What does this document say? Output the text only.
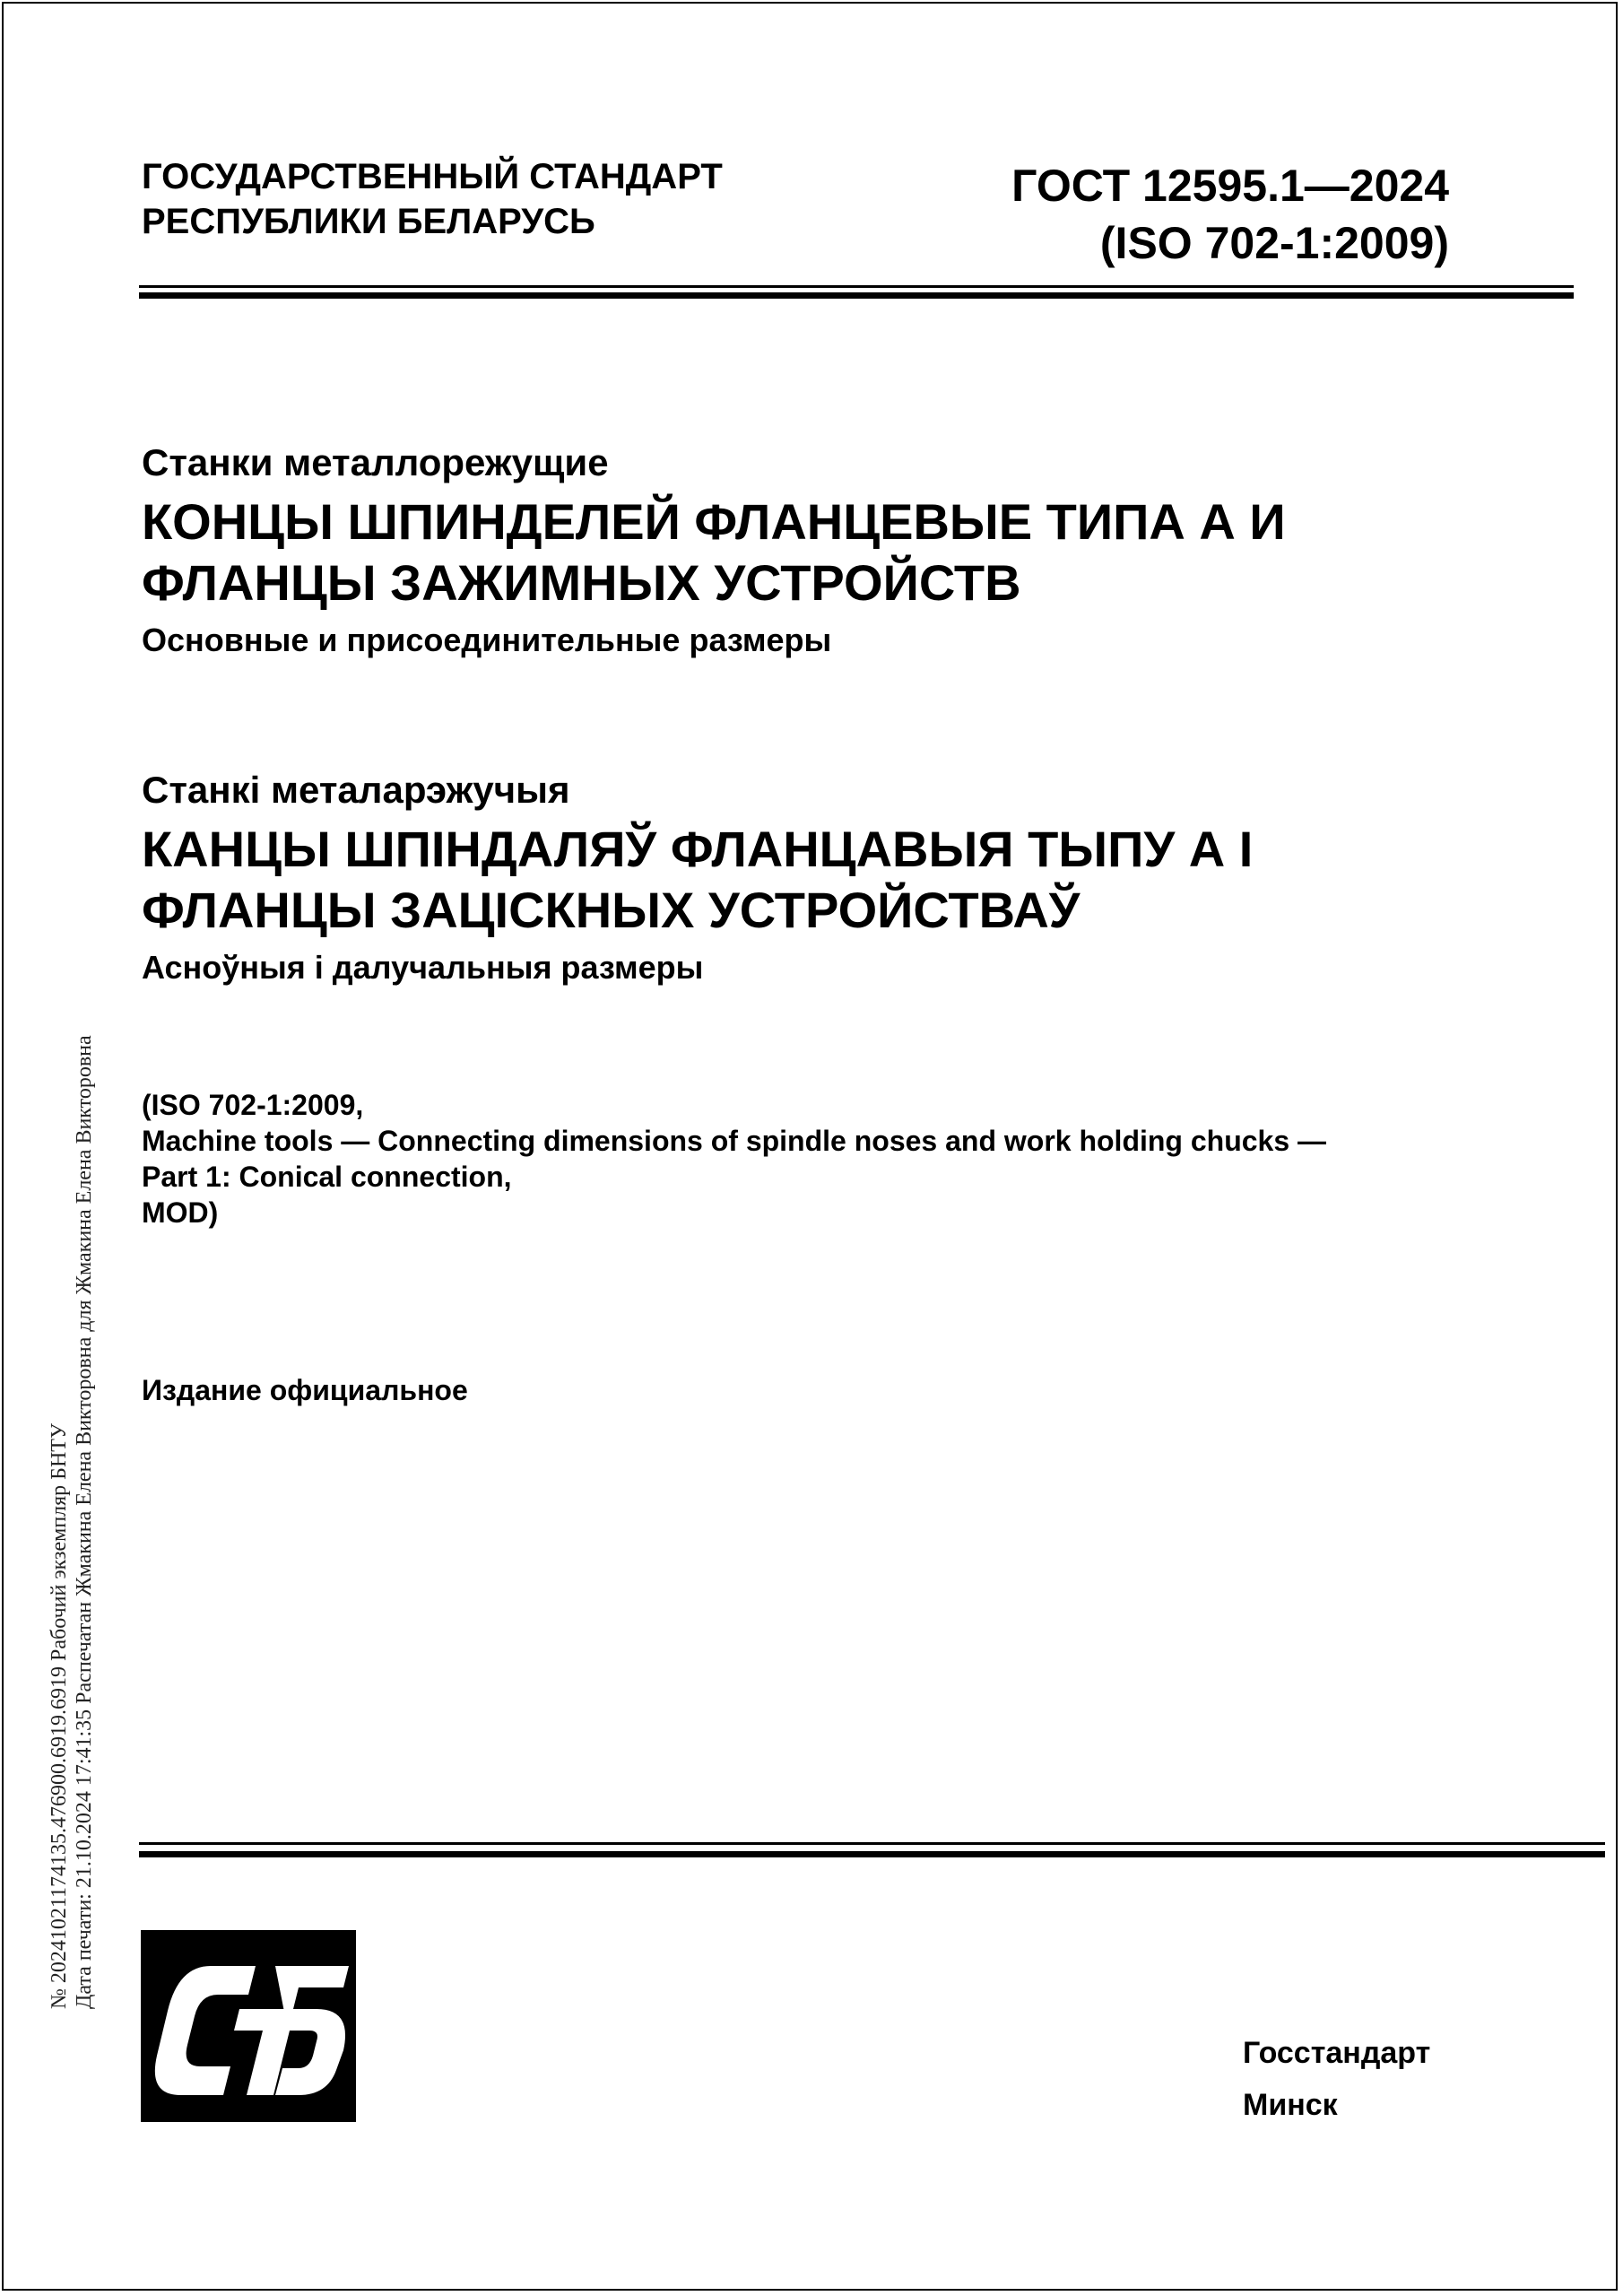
ГОСУДАРСТВЕННЫЙ СТАНДАРТ
РЕСПУБЛИКИ БЕЛАРУСЬ
ГОСТ 12595.1—2024
(ISO 702-1:2009)
Станки металлорежущие
КОНЦЫ ШПИНДЕЛЕЙ ФЛАНЦЕВЫЕ ТИПА А И
ФЛАНЦЫ ЗАЖИМНЫХ УСТРОЙСТВ
Основные и присоединительные размеры
Станкі металарэжучыя
КАНЦЫ ШПІНДАЛЯЎ ФЛАНЦАВЫЯ ТЫПУ А І
ФЛАНЦЫ ЗАЦІСКНЫХ УСТРОЙСТВАЎ
Асноўныя і далучальныя размеры
(ISO 702-1:2009,
Machine tools — Connecting dimensions of spindle noses and work holding chucks —
Part 1: Conical connection,
MOD)
Издание официальное
№ 20241021174135.476900.6919.6919 Рабочий экземпляр БНТУ Дата печати: 21.10.2024 17:41:35 Распечатан Жмакина Елена Викторовна для Жмакина Елена Викторовна
Госстандарт
Минск
